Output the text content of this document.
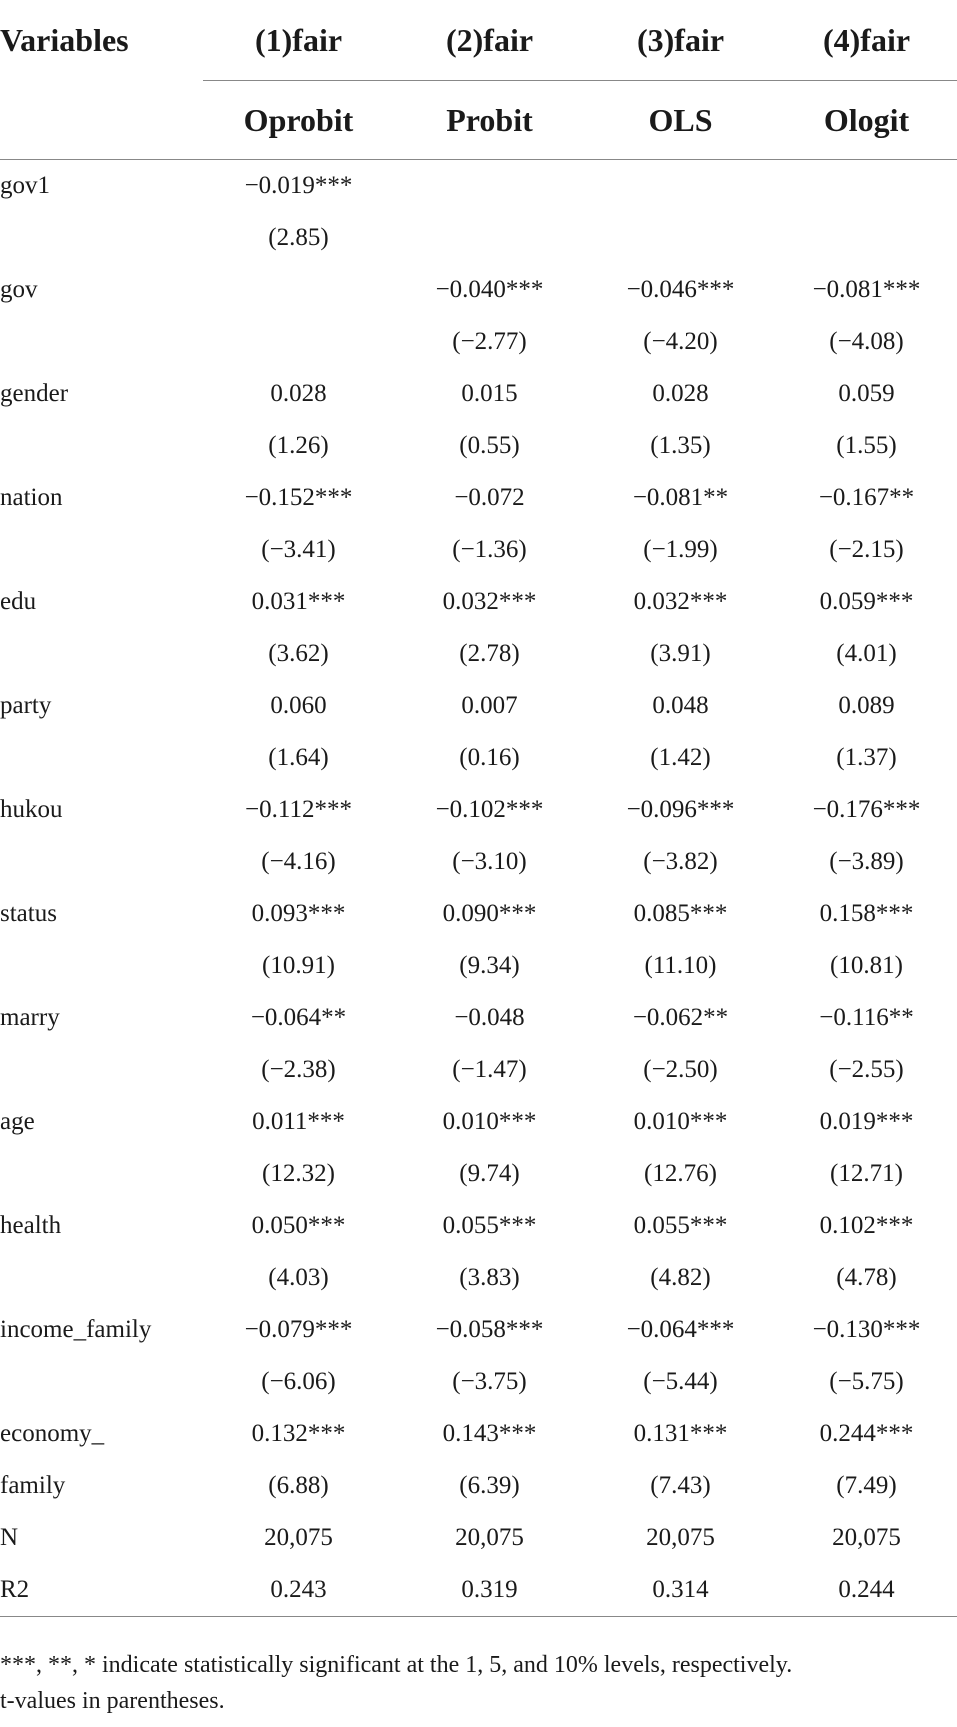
Variables	(1)fair	(2)fair	(3)fair	(4)fair
	Oprobit	Probit	OLS	Ologit
gov1	−0.019***			
	(2.85)			
gov		−0.040***	−0.046***	−0.081***
		(−2.77)	(−4.20)	(−4.08)
gender	0.028	0.015	0.028	0.059
	(1.26)	(0.55)	(1.35)	(1.55)
nation	−0.152***	−0.072	−0.081**	−0.167**
	(−3.41)	(−1.36)	(−1.99)	(−2.15)
edu	0.031***	0.032***	0.032***	0.059***
	(3.62)	(2.78)	(3.91)	(4.01)
party	0.060	0.007	0.048	0.089
	(1.64)	(0.16)	(1.42)	(1.37)
hukou	−0.112***	−0.102***	−0.096***	−0.176***
	(−4.16)	(−3.10)	(−3.82)	(−3.89)
status	0.093***	0.090***	0.085***	0.158***
	(10.91)	(9.34)	(11.10)	(10.81)
marry	−0.064**	−0.048	−0.062**	−0.116**
	(−2.38)	(−1.47)	(−2.50)	(−2.55)
age	0.011***	0.010***	0.010***	0.019***
	(12.32)	(9.74)	(12.76)	(12.71)
health	0.050***	0.055***	0.055***	0.102***
	(4.03)	(3.83)	(4.82)	(4.78)
income_family	−0.079***	−0.058***	−0.064***	−0.130***
	(−6.06)	(−3.75)	(−5.44)	(−5.75)
economy_	0.132***	0.143***	0.131***	0.244***
family	(6.88)	(6.39)	(7.43)	(7.49)
N	20,075	20,075	20,075	20,075
R2	0.243	0.319	0.314	0.244

***, **, * indicate statistically significant at the 1, 5, and 10% levels, respectively.

t-values in parentheses.
